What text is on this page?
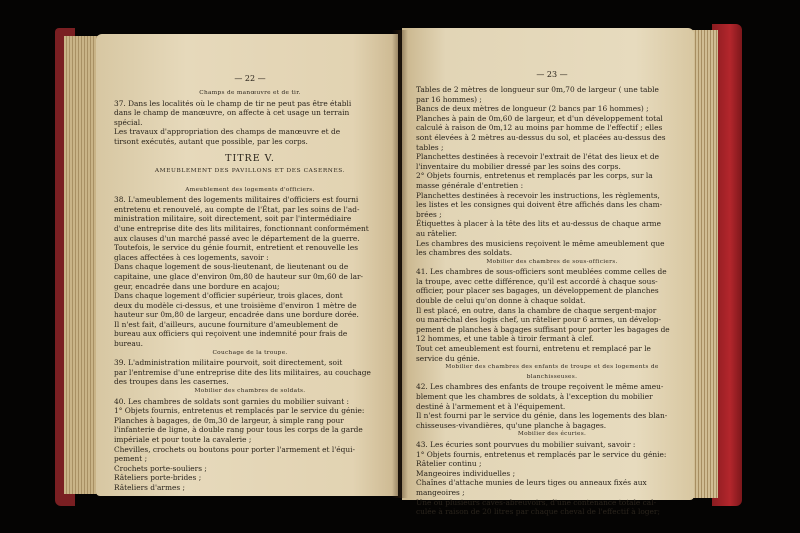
— 22 —
Champs de manœuvre et de tir.
37. Dans les localités où le champ de tir ne peut pas être établi
dans le champ de manœuvre, on affecte à cet usage un terrain
spécial.
Les travaux d'appropriation des champs de manœuvre et de
tirsont exécutés, autant que possible, par les corps.
TITRE V.
AMEUBLEMENT DES PAVILLONS ET DES CASERNES.
Ameublement des logements d'officiers.
38. L'ameublement des logements militaires d'officiers est fourni
entretenu et renouvelé, au compte de l'État, par les soins de l'ad-
ministration militaire, soit directement, soit par l'intermédiaire
d'une entreprise dite des lits militaires, fonctionnant conformément
aux clauses d'un marché passé avec le département de la guerre.
Toutefois, le service du génie fournit, entretient et renouvelle les
glaces affectées à ces logements, savoir :
Dans chaque logement de sous-lieutenant, de lieutenant ou de
capitaine, une glace d'environ 0m,80 de hauteur sur 0m,60 de lar-
geur, encadrée dans une bordure en acajou;
Dans chaque logement d'officier supérieur, trois glaces, dont
deux du modèle ci-dessus, et une troisième d'environ 1 mètre de
hauteur sur 0m,80 de largeur, encadrée dans une bordure dorée.
Il n'est fait, d'ailleurs, aucune fourniture d'ameublement de
bureau aux officiers qui reçoivent une indemnité pour frais de
bureau.
Couchage de la troupe.
39. L'administration militaire pourvoit, soit directement, soit
par l'entremise d'une entreprise dite des lits militaires, au couchage
des troupes dans les casernes.
Mobilier des chambres de soldats.
40. Les chambres de soldats sont garnies du mobilier suivant :
1° Objets fournis, entretenus et remplacés par le service du génie:
Planches à bagages, de 0m,30 de largeur, à simple rang pour
l'infanterie de ligne, à double rang pour tous les corps de la garde
impériale et pour toute la cavalerie ;
Chevilles, crochets ou boutons pour porter l'armement et l'équi-
pement ;
Crochets porte-souliers ;
Râteliers porte-brides ;
Râteliers d'armes ;
— 23 —
Tables de 2 mètres de longueur sur 0m,70 de largeur ( une table
par 16 hommes) ;
Bancs de deux mètres de longueur (2 bancs par 16 hommes) ;
Planches à pain de 0m,60 de largeur, et d'un développement total
calculé à raison de 0m,12 au moins par homme de l'effectif ; elles
sont élevées à 2 mètres au-dessus du sol, et placées au-dessus des
tables ;
Planchettes destinées à recevoir l'extrait de l'état des lieux et de
l'inventaire du mobilier dressé par les soins des corps.
2° Objets fournis, entretenus et remplacés par les corps, sur la
masse générale d'entretien :
Planchettes destinées à recevoir les instructions, les règlements,
les listes et les consignes qui doivent être affichés dans les cham-
brées ;
Étiquettes à placer à la tête des lits et au-dessus de chaque arme
au râtelier.
Les chambres des musiciens reçoivent le même ameublement que
les chambres des soldats.
Mobilier des chambres de sous-officiers.
41. Les chambres de sous-officiers sont meublées comme celles de
la troupe, avec cette différence, qu'il est accordé à chaque sous-
officier, pour placer ses bagages, un développement de planches
double de celui qu'on donne à chaque soldat.
Il est placé, en outre, dans la chambre de chaque sergent-major
ou maréchal des logis chef, un râtelier pour 6 armes, un dévelop-
pement de planches à bagages suffisant pour porter les bagages de
12 hommes, et une table à tiroir fermant à clef.
Tout cet ameublement est fourni, entretenu et remplacé par le
service du génie.
Mobilier des chambres des enfants de troupe et des logements de
blanchisseuses.
42. Les chambres des enfants de troupe reçoivent le même ameu-
blement que les chambres de soldats, à l'exception du mobilier
destiné à l'armement et à l'équipement.
Il n'est fourni par le service du génie, dans les logements des blan-
chisseuses-vivandières, qu'une planche à bagages.
Mobilier des écuries.
43. Les écuries sont pourvues du mobilier suivant, savoir :
1° Objets fournis, entretenus et remplacés par le service du génie:
Râtelier continu ;
Mangeoires individuelles ;
Chaînes d'attache munies de leurs tiges ou anneaux fixés aux
mangeoires ;
Une ou plusieurs caves-abreuvoirs, d'une contenance totale cal-
culée à raison de 20 litres par chaque cheval de l'effectif à loger;
